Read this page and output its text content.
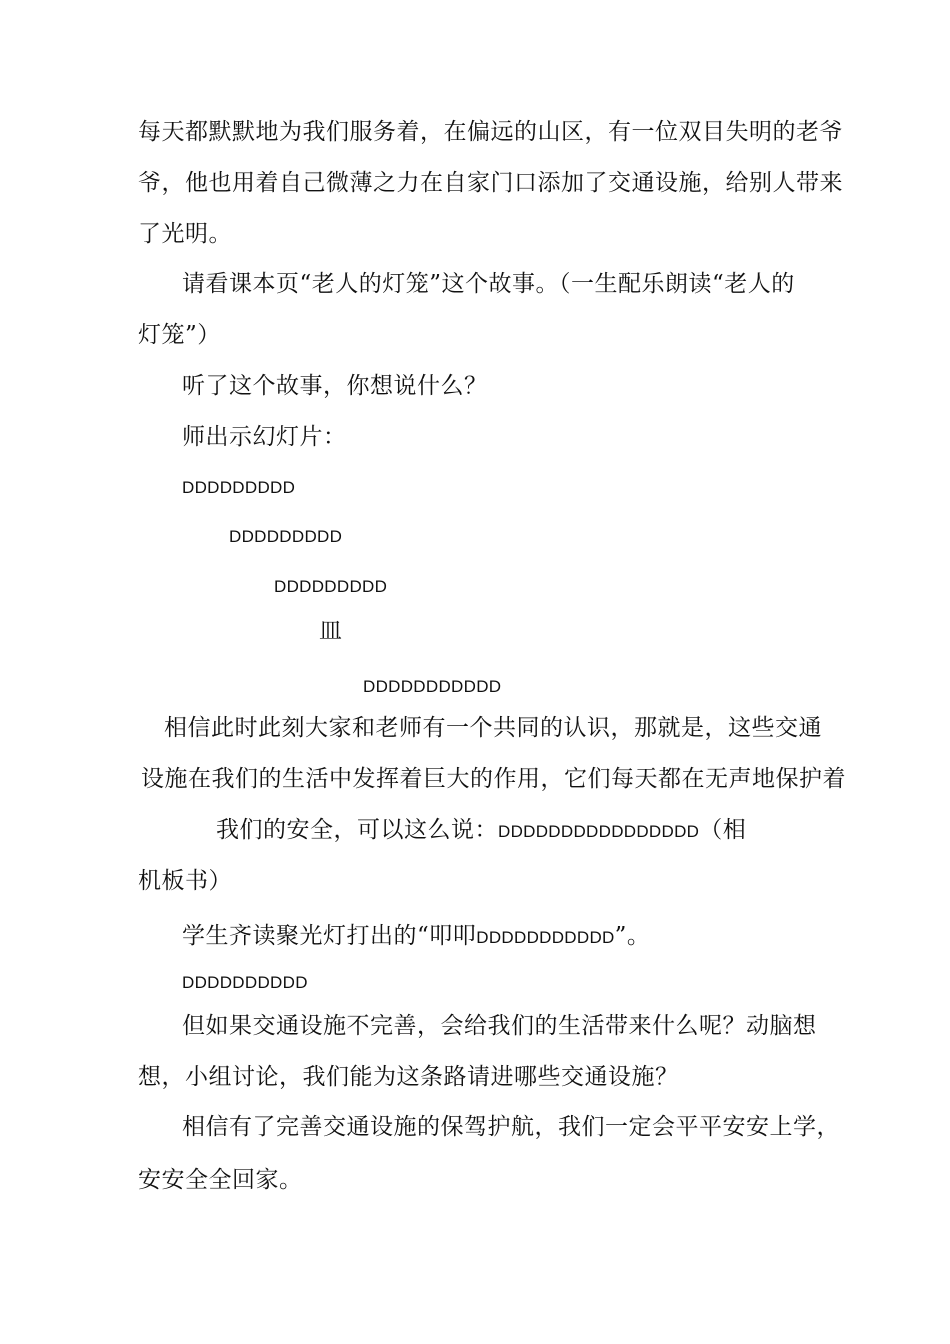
每天都默默地为我们服务着，在偏远的山区，有一位双目失明的老爷
爷，他也用着自己微薄之力在自家门口添加了交通设施，给别人带来
了光明。
请看课本页“老人的灯笼”这个故事。（一生配乐朗读“老人的
灯笼”）
听了这个故事，你想说什么？
师出示幻灯片：
DDDDDDDDD
DDDDDDDDD
DDDDDDDDD
皿
DDDDDDDDDDD
相信此时此刻大家和老师有一个共同的认识，那就是，这些交通
设施在我们的生活中发挥着巨大的作用，它们每天都在无声地保护着
我们的安全，可以这么说：DDDDDDDDDDDDDDDD（相
机板书）
学生齐读聚光灯打出的“叩叩DDDDDDDDDDD”。
DDDDDDDDDD
但如果交通设施不完善，会给我们的生活带来什么呢？动脑想
想，小组讨论，我们能为这条路请进哪些交通设施？
相信有了完善交通设施的保驾护航，我们一定会平平安安上学，
安安全全回家。
